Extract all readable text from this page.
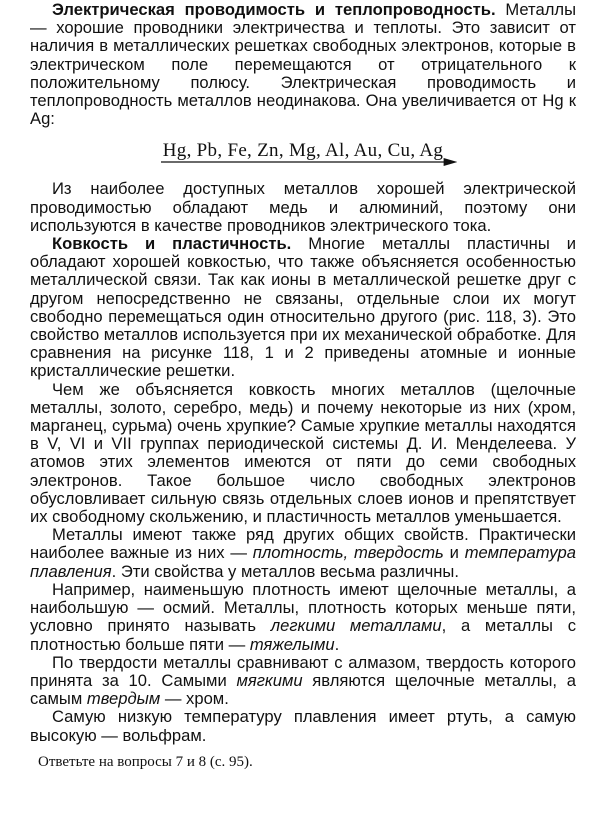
Электрическая проводимость и теплопроводность. Металлы — хорошие проводники электричества и теплоты. Это зависит от наличия в металлических решетках свободных электронов, которые в электрическом поле перемещаются от отрицательного к положительному полюсу. Электрическая проводимость и теплопроводность металлов неодинакова. Она увеличивается от Hg к Ag:

Hg, Pb, Fe, Zn, Mg, Al, Au, Cu, Ag

Из наиболее доступных металлов хорошей электрической проводимостью обладают медь и алюминий, поэтому они используются в качестве проводников электрического тока.

Ковкость и пластичность. Многие металлы пластичны и обладают хорошей ковкостью, что также объясняется особенностью металлической связи. Так как ионы в металлической решетке друг с другом непосредственно не связаны, отдельные слои их могут свободно перемещаться один относительно другого (рис. 118, 3). Это свойство металлов используется при их механической обработке. Для сравнения на рисунке 118, 1 и 2 приведены атомные и ионные кристаллические решетки.

Чем же объясняется ковкость многих металлов (щелочные металлы, золото, серебро, медь) и почему некоторые из них (хром, марганец, сурьма) очень хрупкие? Самые хрупкие металлы находятся в V, VI и VII группах периодической системы Д. И. Менделеева. У атомов этих элементов имеются от пяти до семи свободных электронов. Такое большое число свободных электронов обусловливает сильную связь отдельных слоев ионов и препятствует их свободному скольжению, и пластичность металлов уменьшается.

Металлы имеют также ряд других общих свойств. Практически наиболее важные из них — плотность, твердость и температура плавления. Эти свойства у металлов весьма различны.

Например, наименьшую плотность имеют щелочные металлы, а наибольшую — осмий. Металлы, плотность которых меньше пяти, условно принято называть легкими металлами, а металлы с плотностью больше пяти — тяжелыми.

По твердости металлы сравнивают с алмазом, твердость которого принята за 10. Самыми мягкими являются щелочные металлы, а самым твердым — хром.

Самую низкую температуру плавления имеет ртуть, а самую высокую — вольфрам.

Ответьте на вопросы 7 и 8 (с. 95).
